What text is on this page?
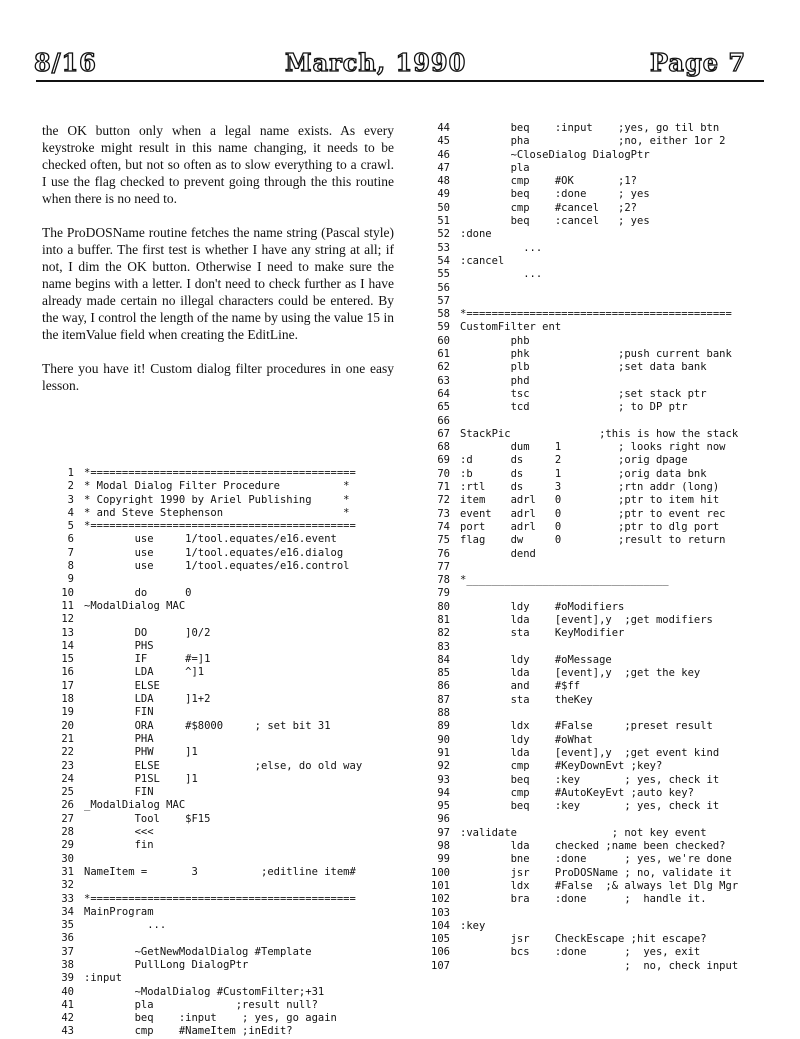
8/16	March, 1990	Page 7

the OK button only when a legal name exists. As every keystroke might result in this name changing, it needs to be checked often, but not so often as to slow everything to a crawl. I use the flag checked to prevent going through the this routine when there is no need to.

The ProDOSName routine fetches the name string (Pascal style) into a buffer. The first test is whether I have any string at all; if not, I dim the OK button. Otherwise I need to make sure the name begins with a letter. I don't need to check further as I have already made certain no illegal characters could be entered. By the way, I control the length of the name by using the value 15 in the itemValue field when creating the EditLine.

There you have it! Custom dialog filter procedures in one easy lesson.

1 *==========================================
2 * Modal Dialog Filter Procedure          *
3 * Copyright 1990 by Ariel Publishing     *
4 * and Steve Stephenson                   *
5 *==========================================
6 use     1/tool.equates/e16.event
7 use     1/tool.equates/e16.dialog
8 use     1/tool.equates/e16.control
9
10 do      0
11 ~ModalDialog MAC
12
13 DO      ]0/2
14 PHS
15 IF      #=]1
16 LDA     ^]1
17 ELSE
18 LDA     ]1+2
19 FIN
20 ORA     #$8000     ; set bit 31
21 PHA
22 PHW     ]1
23 ELSE               ;else, do old way
24 P1SL    ]1
25 FIN
26 _ModalDialog MAC
27 Tool    $F15
28 <<<
29 fin
30
31 NameItem =       3          ;editline item#
32
33 *==========================================
34 MainProgram
35 ...
36
37 ~GetNewModalDialog #Template
38 PullLong DialogPtr
39 :input
40 ~ModalDialog #CustomFilter;+31
41 pla             ;result null?
42 beq    :input    ; yes, go again
43 cmp    #NameItem ;inEdit?
44 beq    :input    ;yes, go til btn
45 pha              ;no, either 1or 2
46 ~CloseDialog DialogPtr
47 pla
48 cmp    #OK       ;1?
49 beq    :done     ; yes
50 cmp    #cancel   ;2?
51 beq    :cancel   ; yes
52 :done
53 ...
54 :cancel
55 ...
56
57
58 *==========================================
59 CustomFilter ent
60 phb
61 phk              ;push current bank
62 plb              ;set data bank
63 phd
64 tsc              ;set stack ptr
65 tcd              ; to DP ptr
66
67 StackPic              ;this is how the stack
68 dum    1         ; looks right now
69 :d      ds     2         ;orig dpage
70 :b      ds     1         ;orig data bnk
71 :rtl    ds     3         ;rtn addr (long)
72 item    adrl   0         ;ptr to item hit
73 event   adrl   0         ;ptr to event rec
74 port    adrl   0         ;ptr to dlg port
75 flag    dw     0         ;result to return
76 dend
77
78 *________________________________
79
80 ldy    #oModifiers
81 lda    [event],y  ;get modifiers
82 sta    KeyModifier
83
84 ldy    #oMessage
85 lda    [event],y  ;get the key
86 and    #$ff
87 sta    theKey
88
89 ldx    #False     ;preset result
90 ldy    #oWhat
91 lda    [event],y  ;get event kind
92 cmp    #KeyDownEvt ;key?
93 beq    :key       ; yes, check it
94 cmp    #AutoKeyEvt ;auto key?
95 beq    :key       ; yes, check it
96
97 :validate               ; not key event
98 lda    checked ;name been checked?
99 bne    :done      ; yes, we're done
100 jsr    ProDOSName ; no, validate it
101 ldx    #False  ;& always let Dlg Mgr
102 bra    :done      ;  handle it.
103
104 :key
105 jsr    CheckEscape ;hit escape?
106 bcs    :done      ;  yes, exit
107 ;  no, check input
